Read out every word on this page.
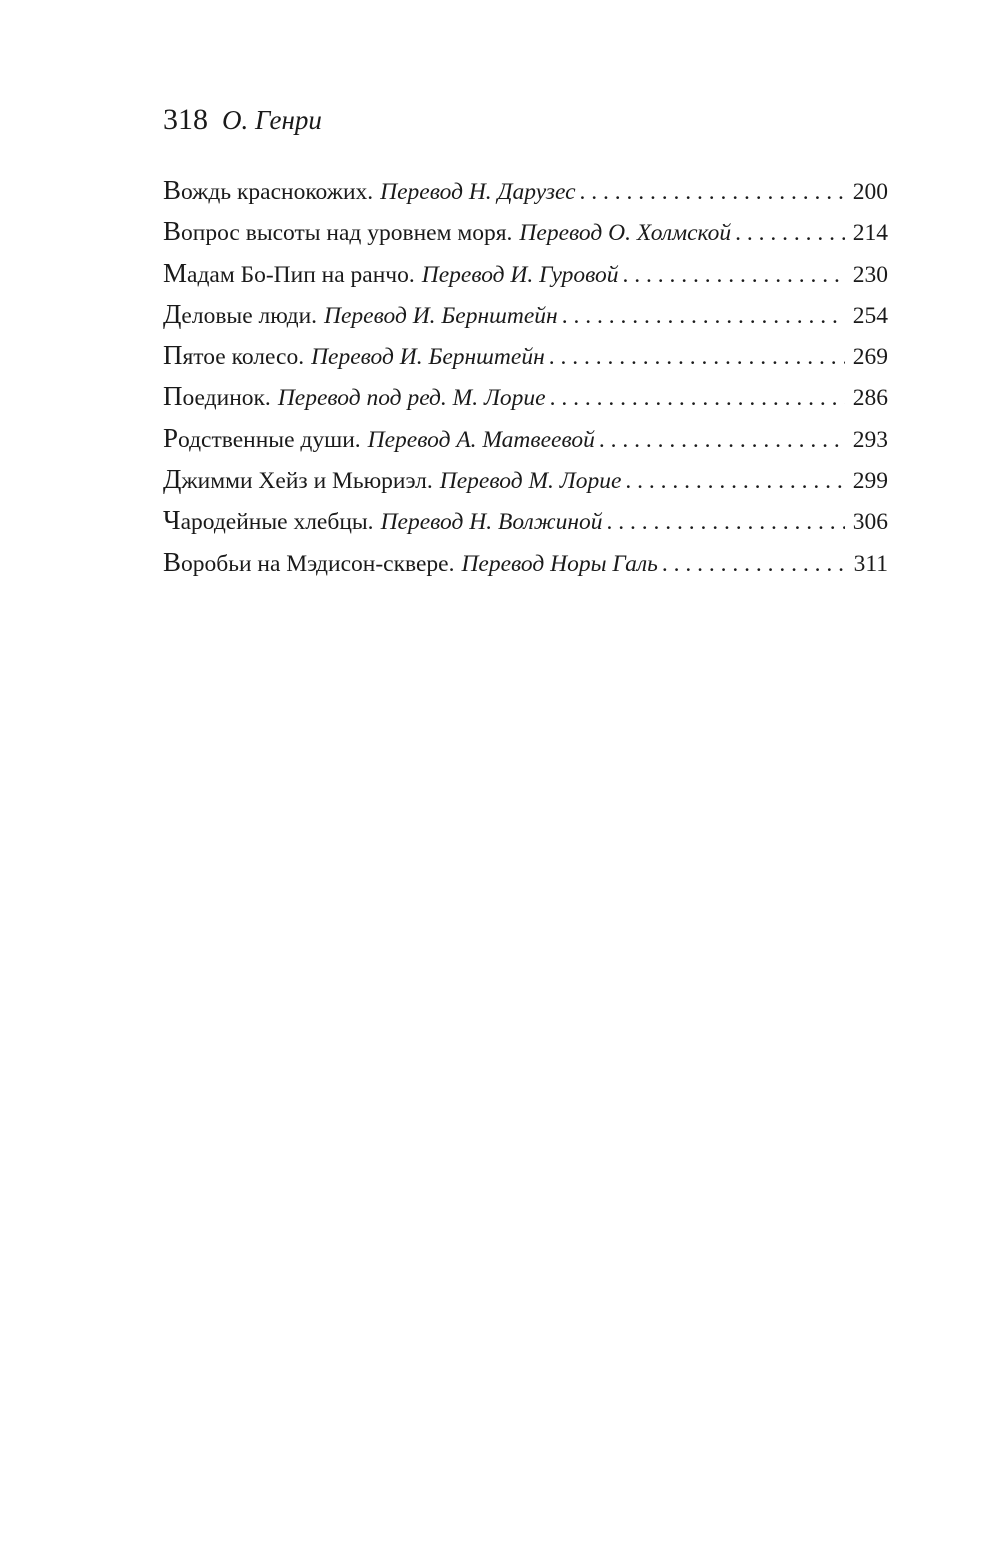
318 О. Генри
Вождь краснокожих. Перевод Н. Дарузес . . .	200
Вопрос высоты над уровнем моря. Перевод О. Холмской . . .	214
Мадам Бо-Пип на ранчо. Перевод И. Гуровой . . .	230
Деловые люди. Перевод И. Бернштейн . . .	254
Пятое колесо. Перевод И. Бернштейн . . .	269
Поединок. Перевод под ред. М. Лорие . . .	286
Родственные души. Перевод А. Матвеевой . . .	293
Джимми Хейз и Мьюриэл. Перевод М. Лорие . . .	299
Чародейные хлебцы. Перевод Н. Волжиной . . .	306
Воробьи на Мэдисон-сквере. Перевод Норы Галь . . .	311
